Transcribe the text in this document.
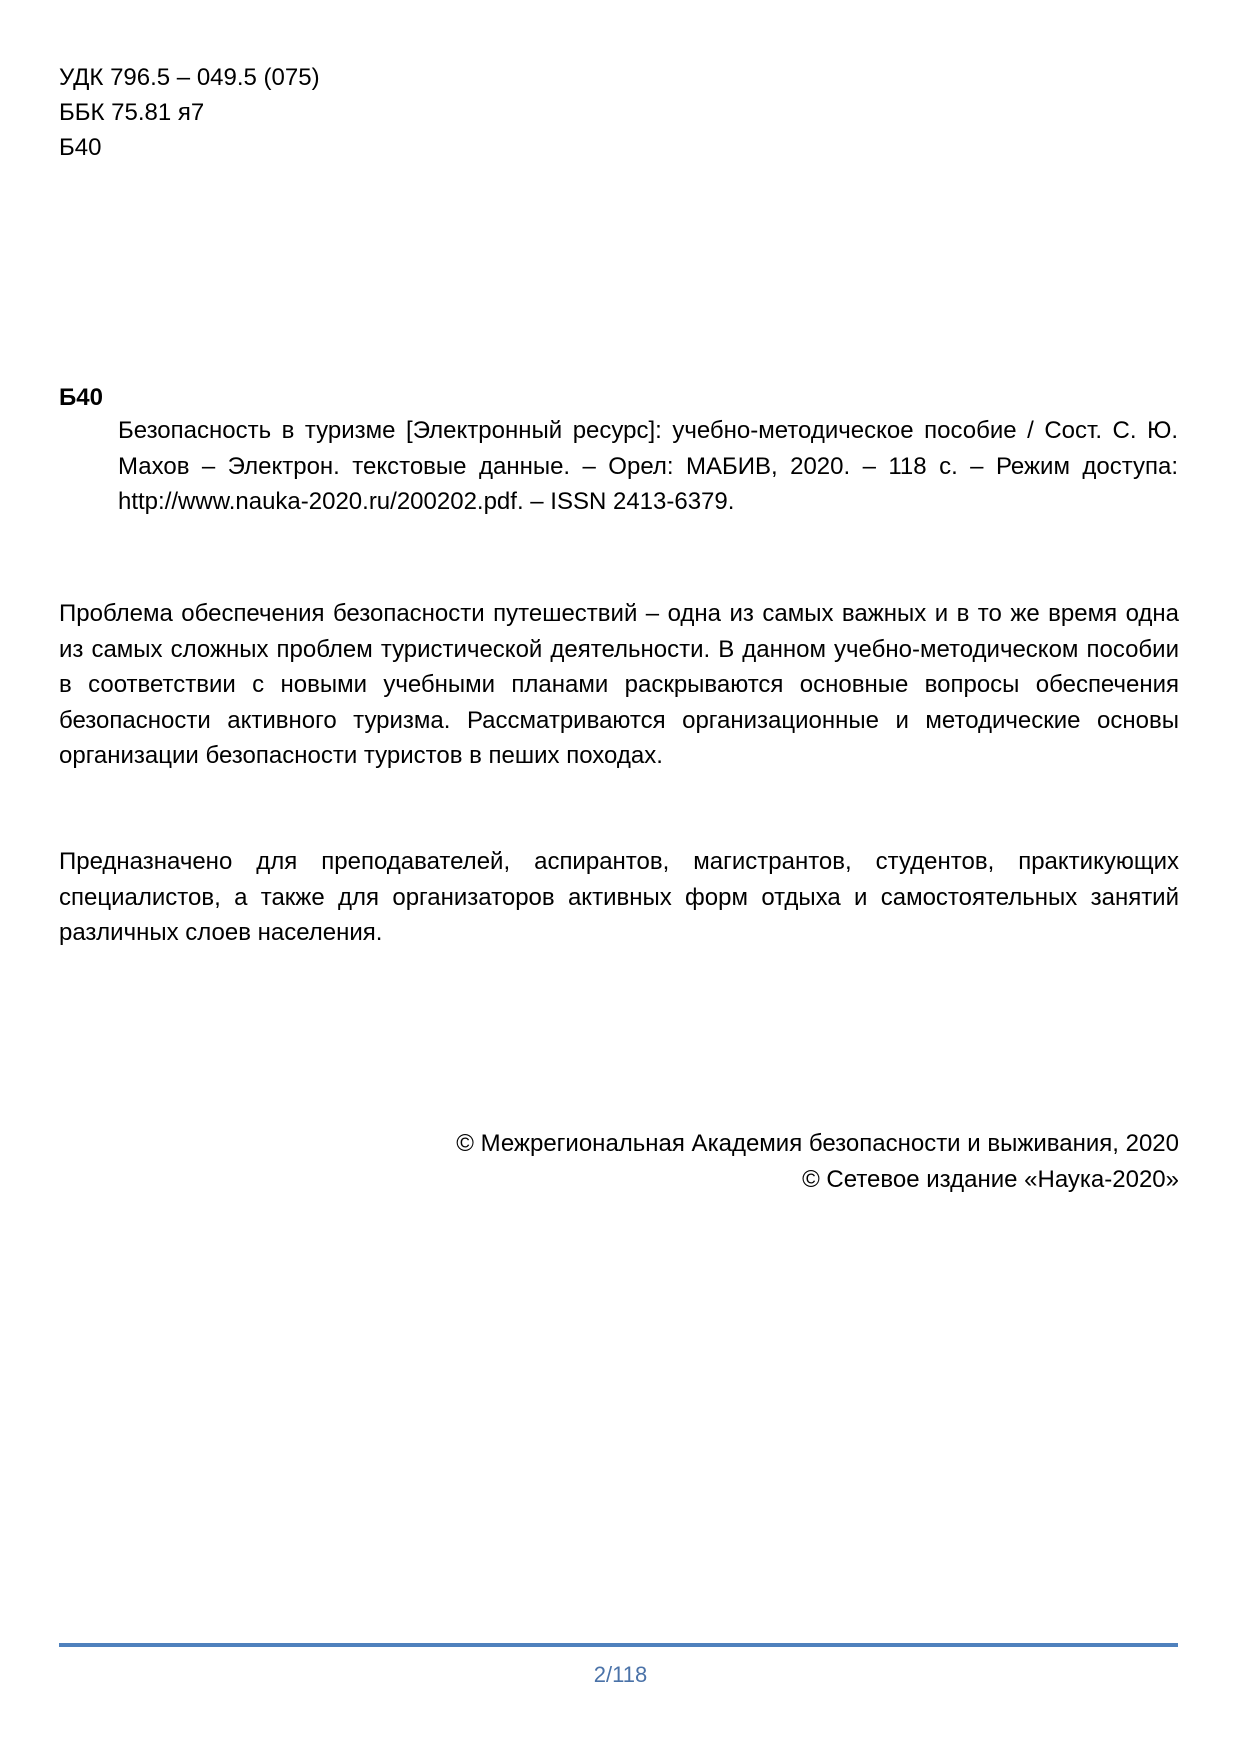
УДК 796.5 – 049.5 (075)
ББК 75.81 я7
Б40
Б40
Безопасность в туризме [Электронный ресурс]: учебно-методическое пособие / Сост. С. Ю. Махов – Электрон. текстовые данные. – Орел: МАБИВ, 2020. – 118 с. – Режим доступа: http://www.nauka-2020.ru/200202.pdf. – ISSN 2413-6379.
Проблема обеспечения безопасности путешествий – одна из самых важных и в то же время одна из самых сложных проблем туристической деятельности. В данном учебно-методическом пособии в соответствии с новыми учебными планами раскрываются основные вопросы обеспечения безопасности активного туризма. Рассматриваются организационные и методические основы организации безопасности туристов в пеших походах.
Предназначено для преподавателей, аспирантов, магистрантов, студентов, практикующих специалистов, а также для организаторов активных форм отдыха и самостоятельных занятий различных слоев населения.
© Межрегиональная Академия безопасности и выживания, 2020
© Сетевое издание «Наука-2020»
2/118
